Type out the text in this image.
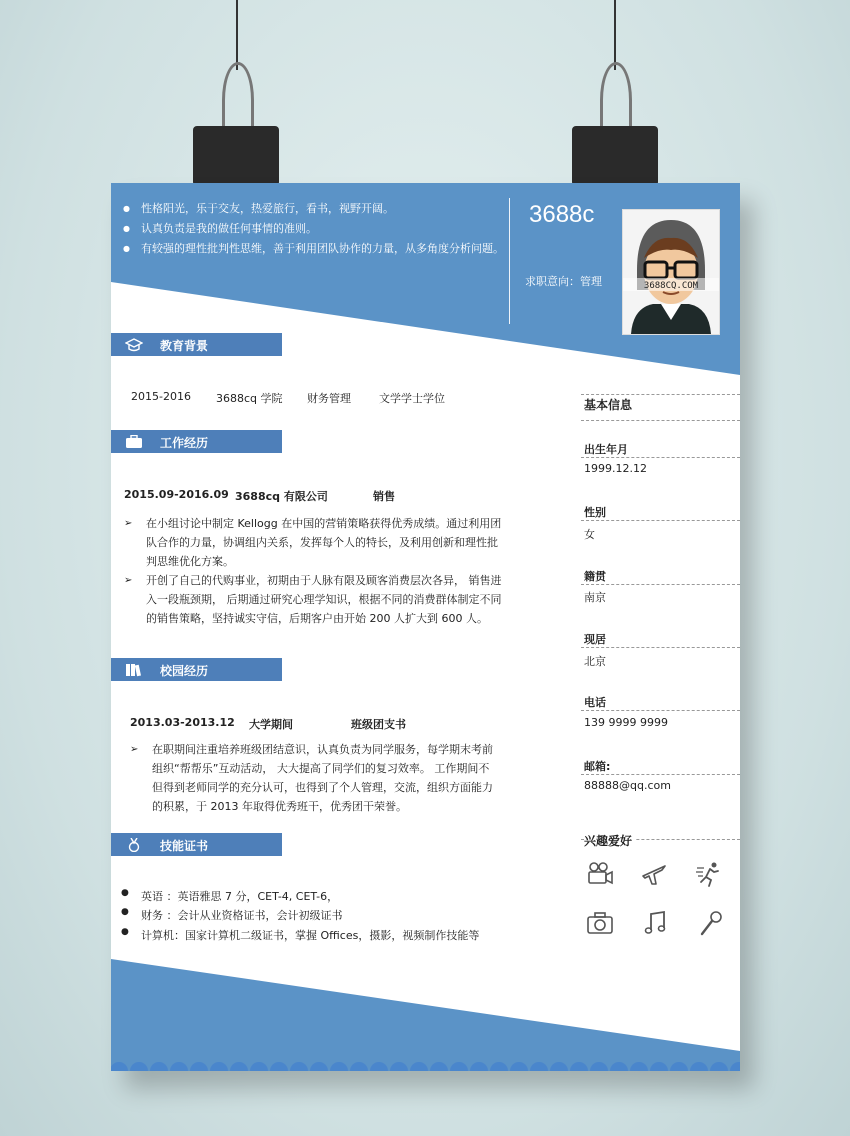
● 性格阳光，乐于交友，热爱旅行，看书，视野开阔。
● 认真负责是我的做任何事情的准则。
● 有较强的理性批判性思维，善于利用团队协作的力量，从多角度分析问题。
3688c
求职意向：管理	3688CQ.COM
教育背景
2015-2016 3688cq 学院 财务管理	文学学士学位
工作经历
2015.09-2016.09 3688cq 有限公司	销售
➢ 在小组讨论中制定 Kellogg 在中国的营销策略获得优秀成绩。通过利用团队合作的力量，协调组内关系，发挥每个人的特长，及利用创新和理性批判思维优化方案。
➢ 开创了自己的代购事业，初期由于人脉有限及顾客消费层次各异， 销售进入一段瓶颈期， 后期通过研究心理学知识，根据不同的消费群体制定不同的销售策略，坚持诚实守信，后期客户由开始 200 人扩大到 600 人。
校园经历
2013.03-2013.12 大学期间	班级团支书
➢ 在职期间注重培养班级团结意识，认真负责为同学服务，每学期末考前组织“帮帮乐”互动活动， 大大提高了同学们的复习效率。 工作期间不但得到老师同学的充分认可，也得到了个人管理，交流，组织方面能力的积累，于 2013 年取得优秀班干，优秀团干荣誉。
技能证书
● 英语 ：英语雅思 7 分，CET-4, CET-6，
● 财务 ：会计从业资格证书，会计初级证书
● 计算机：国家计算机二级证书，掌握 Offices，摄影，视频制作技能等
基本信息
出生年月
1999.12.12
性别
女
籍贯
南京
现居
北京
电话
139 9999 9999
邮箱:
88888@qq.com
兴趣爱好
